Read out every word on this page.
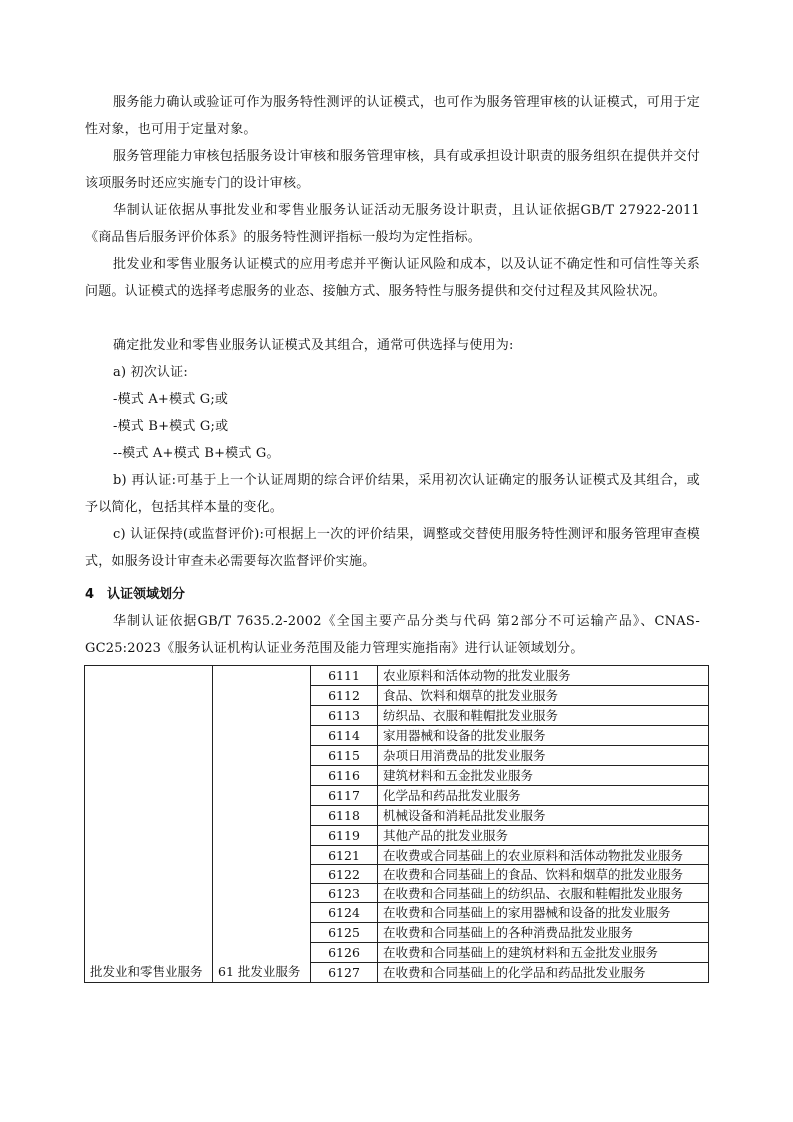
服务能力确认或验证可作为服务特性测评的认证模式，也可作为服务管理审核的认证模式，可用于定性对象，也可用于定量对象。
服务管理能力审核包括服务设计审核和服务管理审核，具有或承担设计职责的服务组织在提供并交付该项服务时还应实施专门的设计审核。
华制认证依据从事批发业和零售业服务认证活动无服务设计职责，且认证依据GB/T 27922-2011《商品售后服务评价体系》的服务特性测评指标一般均为定性指标。
批发业和零售业服务认证模式的应用考虑并平衡认证风险和成本，以及认证不确定性和可信性等关系问题。认证模式的选择考虑服务的业态、接触方式、服务特性与服务提供和交付过程及其风险状况。
确定批发业和零售业服务认证模式及其组合，通常可供选择与使用为:
a) 初次认证:
-模式 A+模式 G;或
-模式 B+模式 G;或
--模式 A+模式 B+模式 G。
b) 再认证:可基于上一个认证周期的综合评价结果，采用初次认证确定的服务认证模式及其组合，或予以简化，包括其样本量的变化。
c) 认证保持(或监督评价):可根据上一次的评价结果，调整或交替使用服务特性测评和服务管理审查模式，如服务设计审查未必需要每次监督评价实施。
4 认证领域划分
华制认证依据GB/T 7635.2-2002《全国主要产品分类与代码 第2部分不可运输产品》、CNAS-GC25:2023《服务认证机构认证业务范围及能力管理实施指南》进行认证领域划分。
批发业和零售业服务	61 批发业服务	6111	农业原料和活体动物的批发业服务
		6112	食品、饮料和烟草的批发业服务
		6113	纺织品、衣服和鞋帽批发业服务
		6114	家用器械和设备的批发业服务
		6115	杂项日用消费品的批发业服务
		6116	建筑材料和五金批发业服务
		6117	化学品和药品批发业服务
		6118	机械设备和消耗品批发业服务
		6119	其他产品的批发业服务
		6121	在收费或合同基础上的农业原料和活体动物批发业服务
		6122	在收费和合同基础上的食品、饮料和烟草的批发业服务
		6123	在收费和合同基础上的纺织品、衣服和鞋帽批发业服务
		6124	在收费和合同基础上的家用器械和设备的批发业服务
		6125	在收费和合同基础上的各种消费品批发业服务
		6126	在收费和合同基础上的建筑材料和五金批发业服务
		6127	在收费和合同基础上的化学品和药品批发业服务
